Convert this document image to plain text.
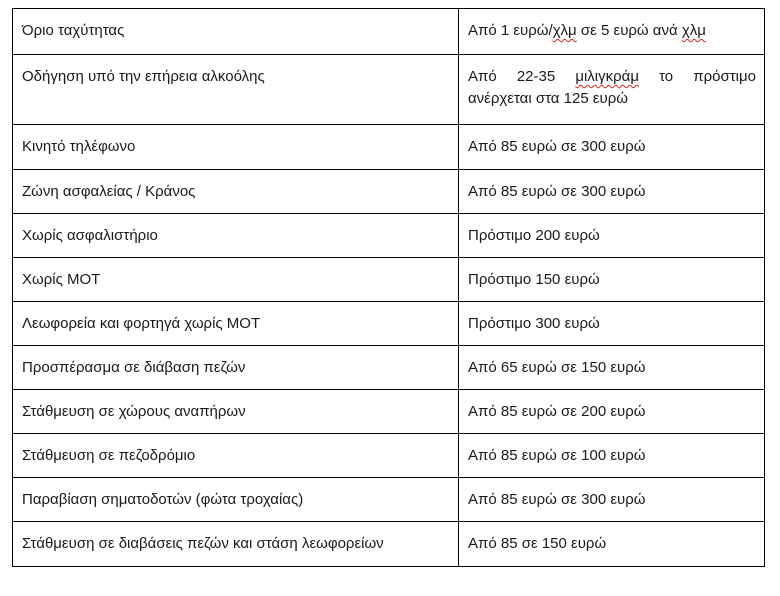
Όριο ταχύτητας	Από 1 ευρώ/χλμ σε 5 ευρώ ανά χλμ
Οδήγηση υπό την επήρεια αλκοόλης	Από 22-35 μιλιγκράμ το πρόστιμο ανέρχεται στα 125 ευρώ
Κινητό τηλέφωνο	Από 85 ευρώ σε 300 ευρώ
Ζώνη ασφαλείας / Κράνος	Από 85 ευρώ σε 300 ευρώ
Χωρίς ασφαλιστήριο	Πρόστιμο 200 ευρώ
Χωρίς ΜΟΤ	Πρόστιμο 150 ευρώ
Λεωφορεία και φορτηγά χωρίς ΜΟΤ	Πρόστιμο 300 ευρώ
Προσπέρασμα σε διάβαση πεζών	Από 65 ευρώ σε 150 ευρώ
Στάθμευση σε χώρους αναπήρων	Από 85 ευρώ σε 200 ευρώ
Στάθμευση σε πεζοδρόμιο	Από 85 ευρώ σε 100 ευρώ
Παραβίαση σηματοδοτών (φώτα τροχαίας)	Από 85 ευρώ σε 300 ευρώ
Στάθμευση σε διαβάσεις πεζών και στάση λεωφορείων	Από 85 σε 150 ευρώ
